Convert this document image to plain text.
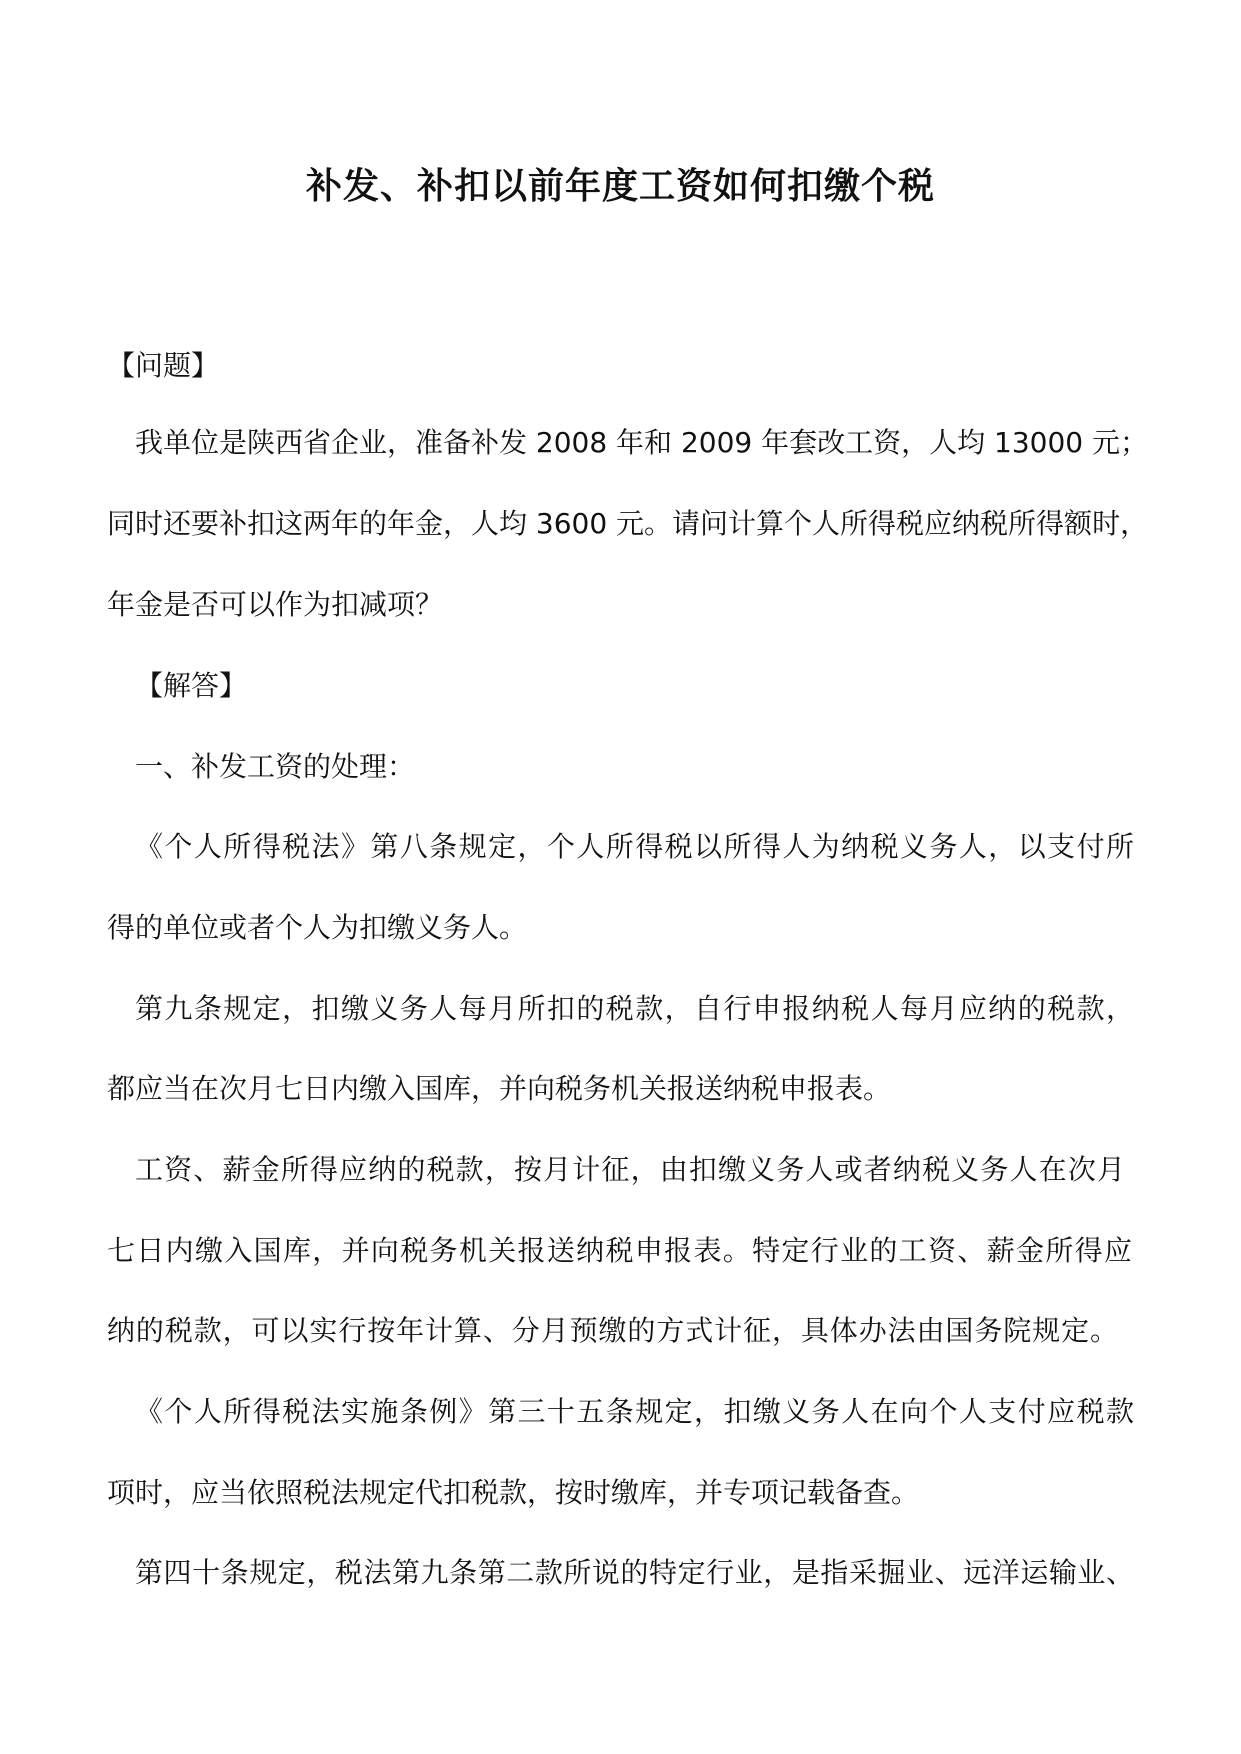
补发、补扣以前年度工资如何扣缴个税

【问题】

我单位是陕西省企业，准备补发 2008 年和 2009 年套改工资，人均 13000 元；

同时还要补扣这两年的年金，人均 3600 元。请问计算个人所得税应纳税所得额时，

年金是否可以作为扣减项？

【解答】

一、补发工资的处理：

《个人所得税法》第八条规定，个人所得税以所得人为纳税义务人，以支付所

得的单位或者个人为扣缴义务人。

第九条规定，扣缴义务人每月所扣的税款，自行申报纳税人每月应纳的税款，

都应当在次月七日内缴入国库，并向税务机关报送纳税申报表。

工资、薪金所得应纳的税款，按月计征，由扣缴义务人或者纳税义务人在次月

七日内缴入国库，并向税务机关报送纳税申报表。特定行业的工资、薪金所得应

纳的税款，可以实行按年计算、分月预缴的方式计征，具体办法由国务院规定。

《个人所得税法实施条例》第三十五条规定，扣缴义务人在向个人支付应税款

项时，应当依照税法规定代扣税款，按时缴库，并专项记载备查。

第四十条规定，税法第九条第二款所说的特定行业，是指采掘业、远洋运输业、
